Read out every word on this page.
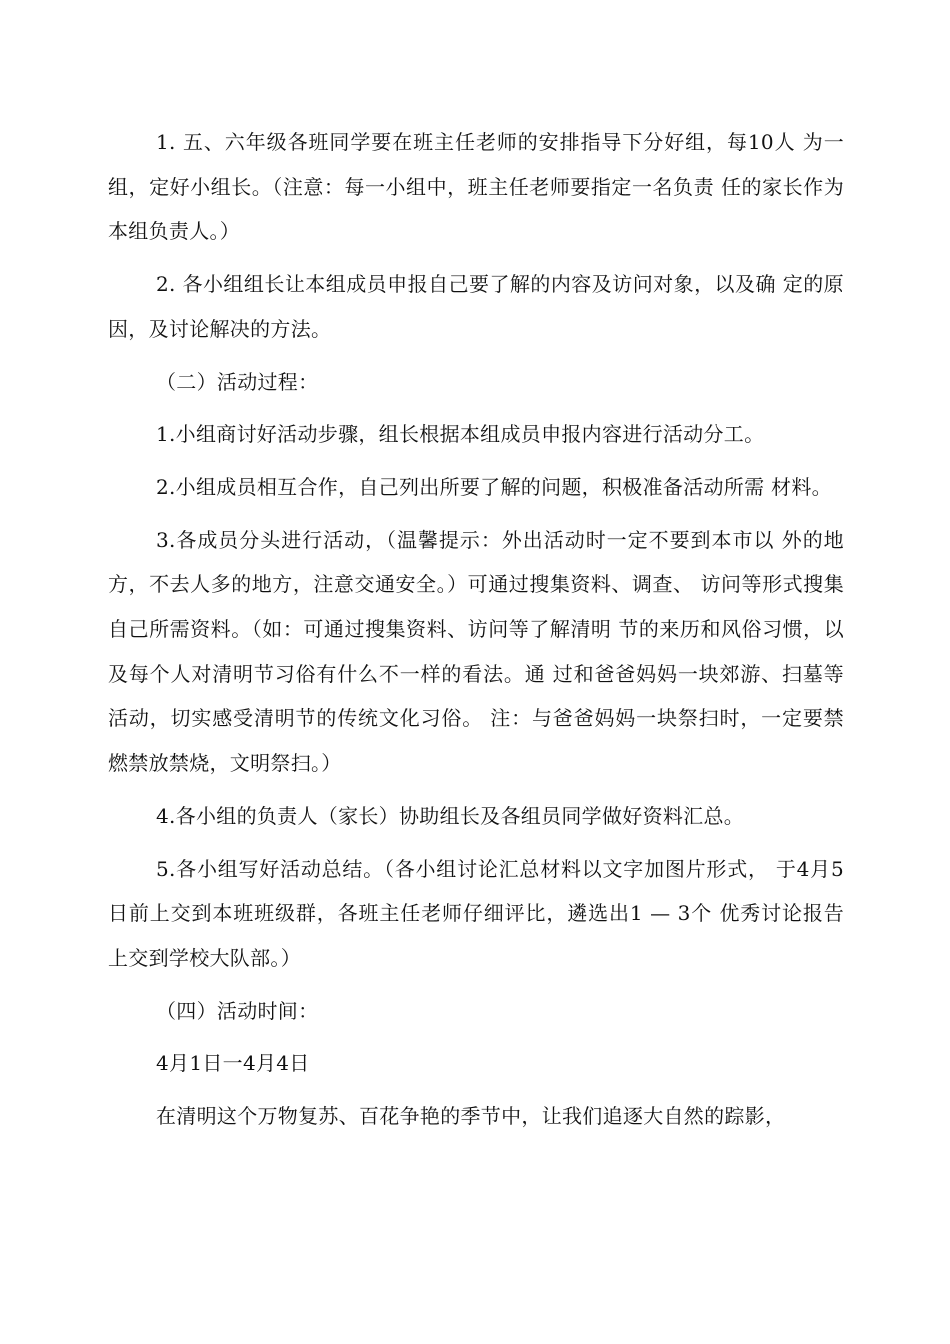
1. 五、六年级各班同学要在班主任老师的安排指导下分好组，每10人 为一组，定好小组长。（注意：每一小组中，班主任老师要指定一名负责 任的家长作为本组负责人。）

2. 各小组组长让本组成员申报自己要了解的内容及访问对象，以及确 定的原因，及讨论解决的方法。

（二）活动过程：

1.小组商讨好活动步骤，组长根据本组成员申报内容进行活动分工。

2.小组成员相互合作，自己列出所要了解的问题，积极准备活动所需 材料。

3.各成员分头进行活动，（温馨提示：外出活动时一定不要到本市以 外的地方，不去人多的地方，注意交通安全。）可通过搜集资料、调查、 访问等形式搜集自己所需资料。（如：可通过搜集资料、访问等了解清明 节的来历和风俗习惯，以及每个人对清明节习俗有什么不一样的看法。通 过和爸爸妈妈一块郊游、扫墓等活动，切实感受清明节的传统文化习俗。 注：与爸爸妈妈一块祭扫时，一定要禁燃禁放禁烧，文明祭扫。）

4.各小组的负责人（家长）协助组长及各组员同学做好资料汇总。

5.各小组写好活动总结。（各小组讨论汇总材料以文字加图片形式， 于4月5日前上交到本班班级群，各班主任老师仔细评比，遴选出1 — 3个 优秀讨论报告上交到学校大队部。）

（四）活动时间：

4月1日一4月4日

在清明这个万物复苏、百花争艳的季节中，让我们追逐大自然的踪影，
